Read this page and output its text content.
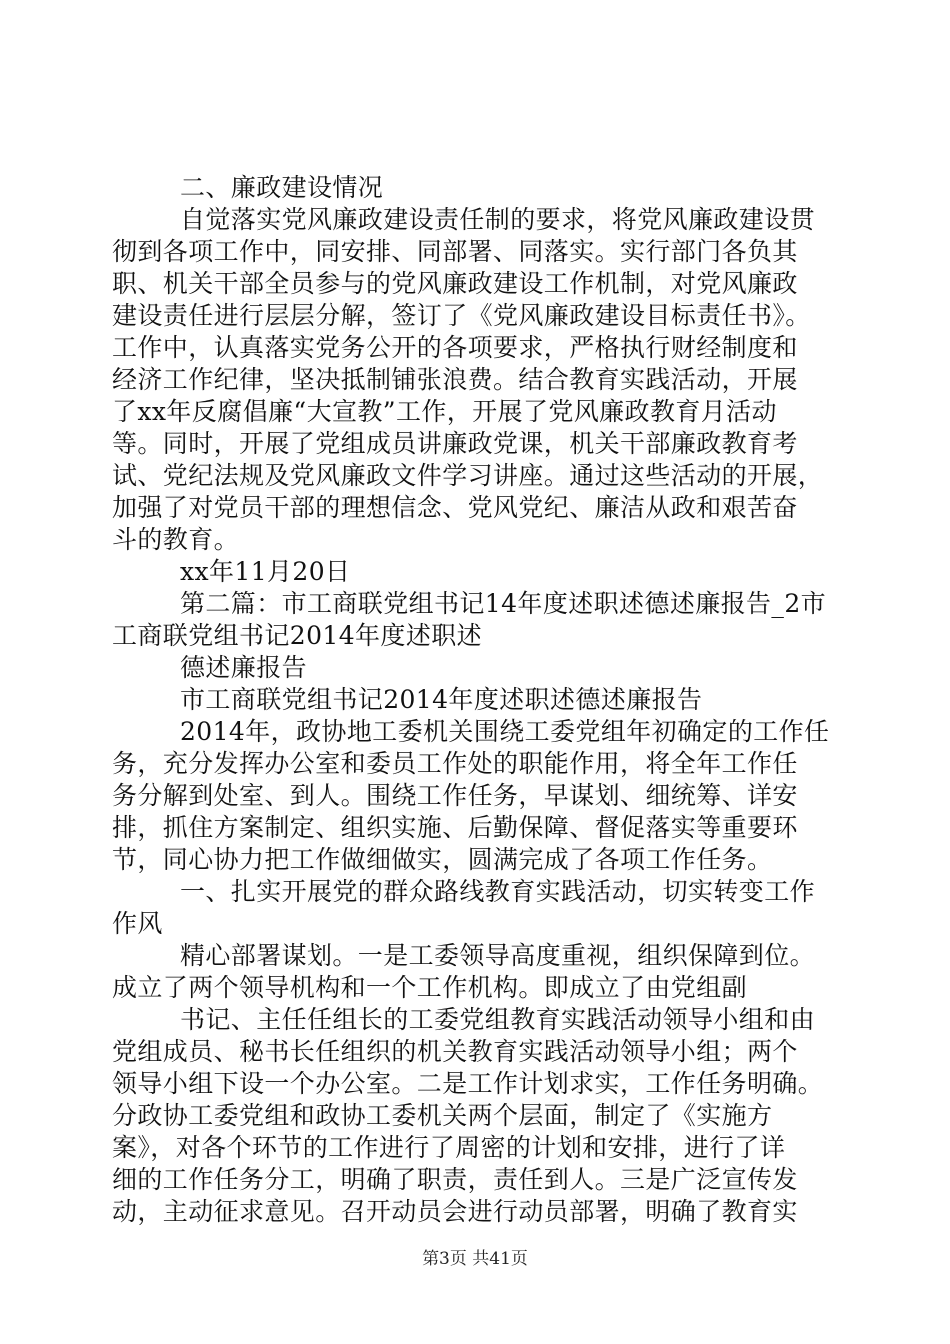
二、廉政建设情况
自觉落实党风廉政建设责任制的要求，将党风廉政建设贯
彻到各项工作中，同安排、同部署、同落实。实行部门各负其
职、机关干部全员参与的党风廉政建设工作机制，对党风廉政
建设责任进行层层分解，签订了《党风廉政建设目标责任书》。
工作中，认真落实党务公开的各项要求，严格执行财经制度和
经济工作纪律，坚决抵制铺张浪费。结合教育实践活动，开展
了xx年反腐倡廉“大宣教”工作，开展了党风廉政教育月活动
等。同时，开展了党组成员讲廉政党课，机关干部廉政教育考
试、党纪法规及党风廉政文件学习讲座。通过这些活动的开展，
加强了对党员干部的理想信念、党风党纪、廉洁从政和艰苦奋
斗的教育。
xx年11月20日
第二篇：市工商联党组书记14年度述职述德述廉报告_2市
工商联党组书记2014年度述职述
德述廉报告
市工商联党组书记2014年度述职述德述廉报告
2014年，政协地工委机关围绕工委党组年初确定的工作任
务，充分发挥办公室和委员工作处的职能作用，将全年工作任
务分解到处室、到人。围绕工作任务，早谋划、细统筹、详安
排，抓住方案制定、组织实施、后勤保障、督促落实等重要环
节，同心协力把工作做细做实，圆满完成了各项工作任务。
一、扎实开展党的群众路线教育实践活动，切实转变工作
作风
精心部署谋划。一是工委领导高度重视，组织保障到位。
成立了两个领导机构和一个工作机构。即成立了由党组副
书记、主任任组长的工委党组教育实践活动领导小组和由
党组成员、秘书长任组织的机关教育实践活动领导小组；两个
领导小组下设一个办公室。二是工作计划求实，工作任务明确。
分政协工委党组和政协工委机关两个层面，制定了《实施方
案》，对各个环节的工作进行了周密的计划和安排，进行了详
细的工作任务分工，明确了职责，责任到人。三是广泛宣传发
动，主动征求意见。召开动员会进行动员部署，明确了教育实
第3页 共41页
